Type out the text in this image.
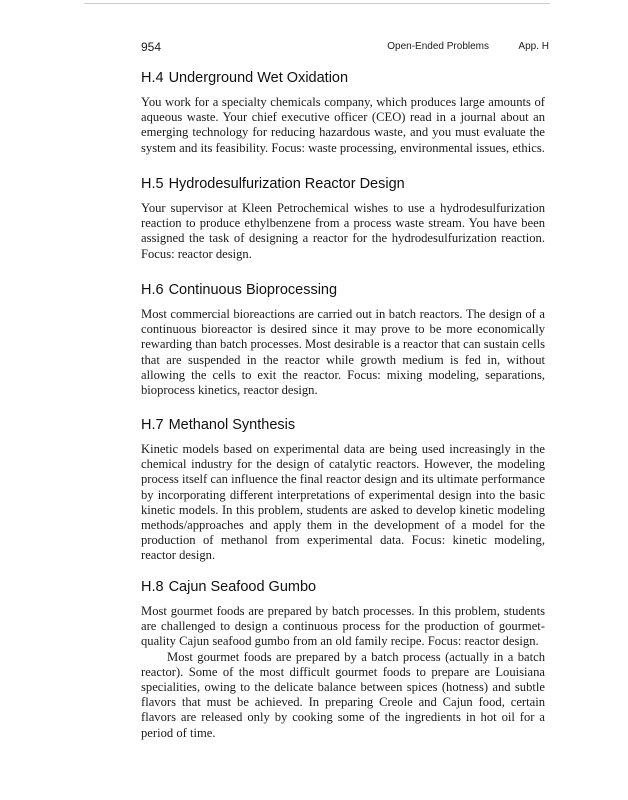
954	Open-Ended Problems	App. H
H.4 Underground Wet Oxidation

You work for a specialty chemicals company, which produces large amounts of aqueous waste. Your chief executive officer (CEO) read in a journal about an emerging technology for reducing hazardous waste, and you must evaluate the system and its feasibility. Focus: waste processing, environmental issues, ethics.

H.5 Hydrodesulfurization Reactor Design

Your supervisor at Kleen Petrochemical wishes to use a hydrodesulfurization reaction to produce ethylbenzene from a process waste stream. You have been assigned the task of designing a reactor for the hydrodesulfurization reaction. Focus: reactor design.

H.6 Continuous Bioprocessing

Most commercial bioreactions are carried out in batch reactors. The design of a continuous bioreactor is desired since it may prove to be more economically rewarding than batch processes. Most desirable is a reactor that can sustain cells that are suspended in the reactor while growth medium is fed in, without allowing the cells to exit the reactor. Focus: mixing modeling, separations, bioprocess kinetics, reactor design.

H.7 Methanol Synthesis

Kinetic models based on experimental data are being used increasingly in the chemical industry for the design of catalytic reactors. However, the modeling process itself can influence the final reactor design and its ultimate performance by incorporating different interpretations of experimental design into the basic kinetic models. In this problem, students are asked to develop kinetic modeling methods/approaches and apply them in the development of a model for the production of methanol from experimental data. Focus: kinetic modeling, reactor design.

H.8 Cajun Seafood Gumbo

Most gourmet foods are prepared by batch processes. In this problem, students are challenged to design a continuous process for the production of gourmet-quality Cajun seafood gumbo from an old family recipe. Focus: reactor design.

Most gourmet foods are prepared by a batch process (actually in a batch reactor). Some of the most difficult gourmet foods to prepare are Louisiana specialities, owing to the delicate balance between spices (hotness) and subtle flavors that must be achieved. In preparing Creole and Cajun food, certain flavors are released only by cooking some of the ingredients in hot oil for a period of time.
